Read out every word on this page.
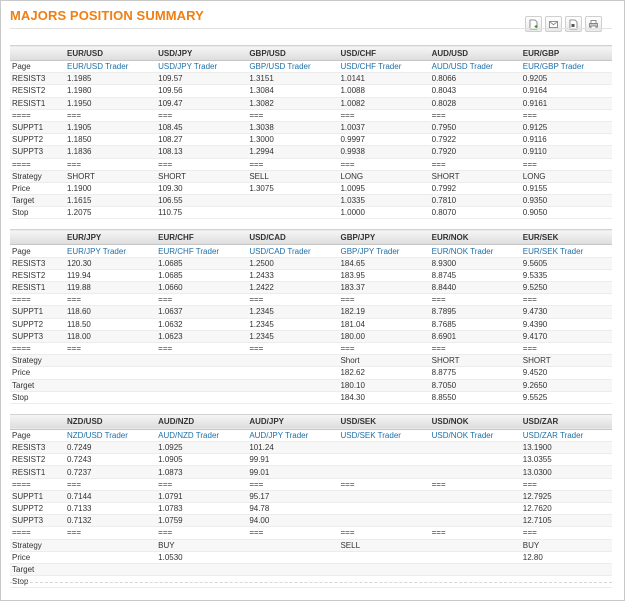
MAJORS POSITION SUMMARY
	EUR/USD	USD/JPY	GBP/USD	USD/CHF	AUD/USD	EUR/GBP
Page	EUR/USD Trader	USD/JPY Trader	GBP/USD Trader	USD/CHF Trader	AUD/USD Trader	EUR/GBP Trader
RESIST3	1.1985	109.57	1.3151	1.0141	0.8066	0.9205
RESIST2	1.1980	109.56	1.3084	1.0088	0.8043	0.9164
RESIST1	1.1950	109.47	1.3082	1.0082	0.8028	0.9161
====	===	===	===	===	===	===
SUPPT1	1.1905	108.45	1.3038	1.0037	0.7950	0.9125
SUPPT2	1.1850	108.27	1.3000	0.9997	0.7922	0.9116
SUPPT3	1.1836	108.13	1.2994	0.9938	0.7920	0.9110
====	===	===	===	===	===	===
Strategy	SHORT	SHORT	SELL	LONG	SHORT	LONG
Price	1.1900	109.30	1.3075	1.0095	0.7992	0.9155
Target	1.1615	106.55		1.0335	0.7810	0.9350
Stop	1.2075	110.75		1.0000	0.8070	0.9050
	EUR/JPY	EUR/CHF	USD/CAD	GBP/JPY	EUR/NOK	EUR/SEK
Page	EUR/JPY Trader	EUR/CHF Trader	USD/CAD Trader	GBP/JPY Trader	EUR/NOK Trader	EUR/SEK Trader
RESIST3	120.30	1.0685	1.2500	184.65	8.9300	9.5605
RESIST2	119.94	1.0685	1.2433	183.95	8.8745	9.5335
RESIST1	119.88	1.0660	1.2422	183.37	8.8440	9.5250
====	===	===	===	===	===	===
SUPPT1	118.60	1.0637	1.2345	182.19	8.7895	9.4730
SUPPT2	118.50	1.0632	1.2345	181.04	8.7685	9.4390
SUPPT3	118.00	1.0623	1.2345	180.00	8.6901	9.4170
====	===	===	===	===	===	===
Strategy				Short	SHORT	SHORT
Price				182.62	8.8775	9.4520
Target				180.10	8.7050	9.2650
Stop				184.30	8.8550	9.5525
	NZD/USD	AUD/NZD	AUD/JPY	USD/SEK	USD/NOK	USD/ZAR
Page	NZD/USD Trader	AUD/NZD Trader	AUD/JPY Trader	USD/SEK Trader	USD/NOK Trader	USD/ZAR Trader
RESIST3	0.7249	1.0925	101.24			13.1900
RESIST2	0.7243	1.0905	99.91			13.0355
RESIST1	0.7237	1.0873	99.01			13.0300
====	===	===	===	===	===	===
SUPPT1	0.7144	1.0791	95.17			12.7925
SUPPT2	0.7133	1.0783	94.78			12.7620
SUPPT3	0.7132	1.0759	94.00			12.7105
====	===	===	===	===	===	===
Strategy		BUY		SELL		BUY
Price		1.0530				12.80
Target						
Stop						
